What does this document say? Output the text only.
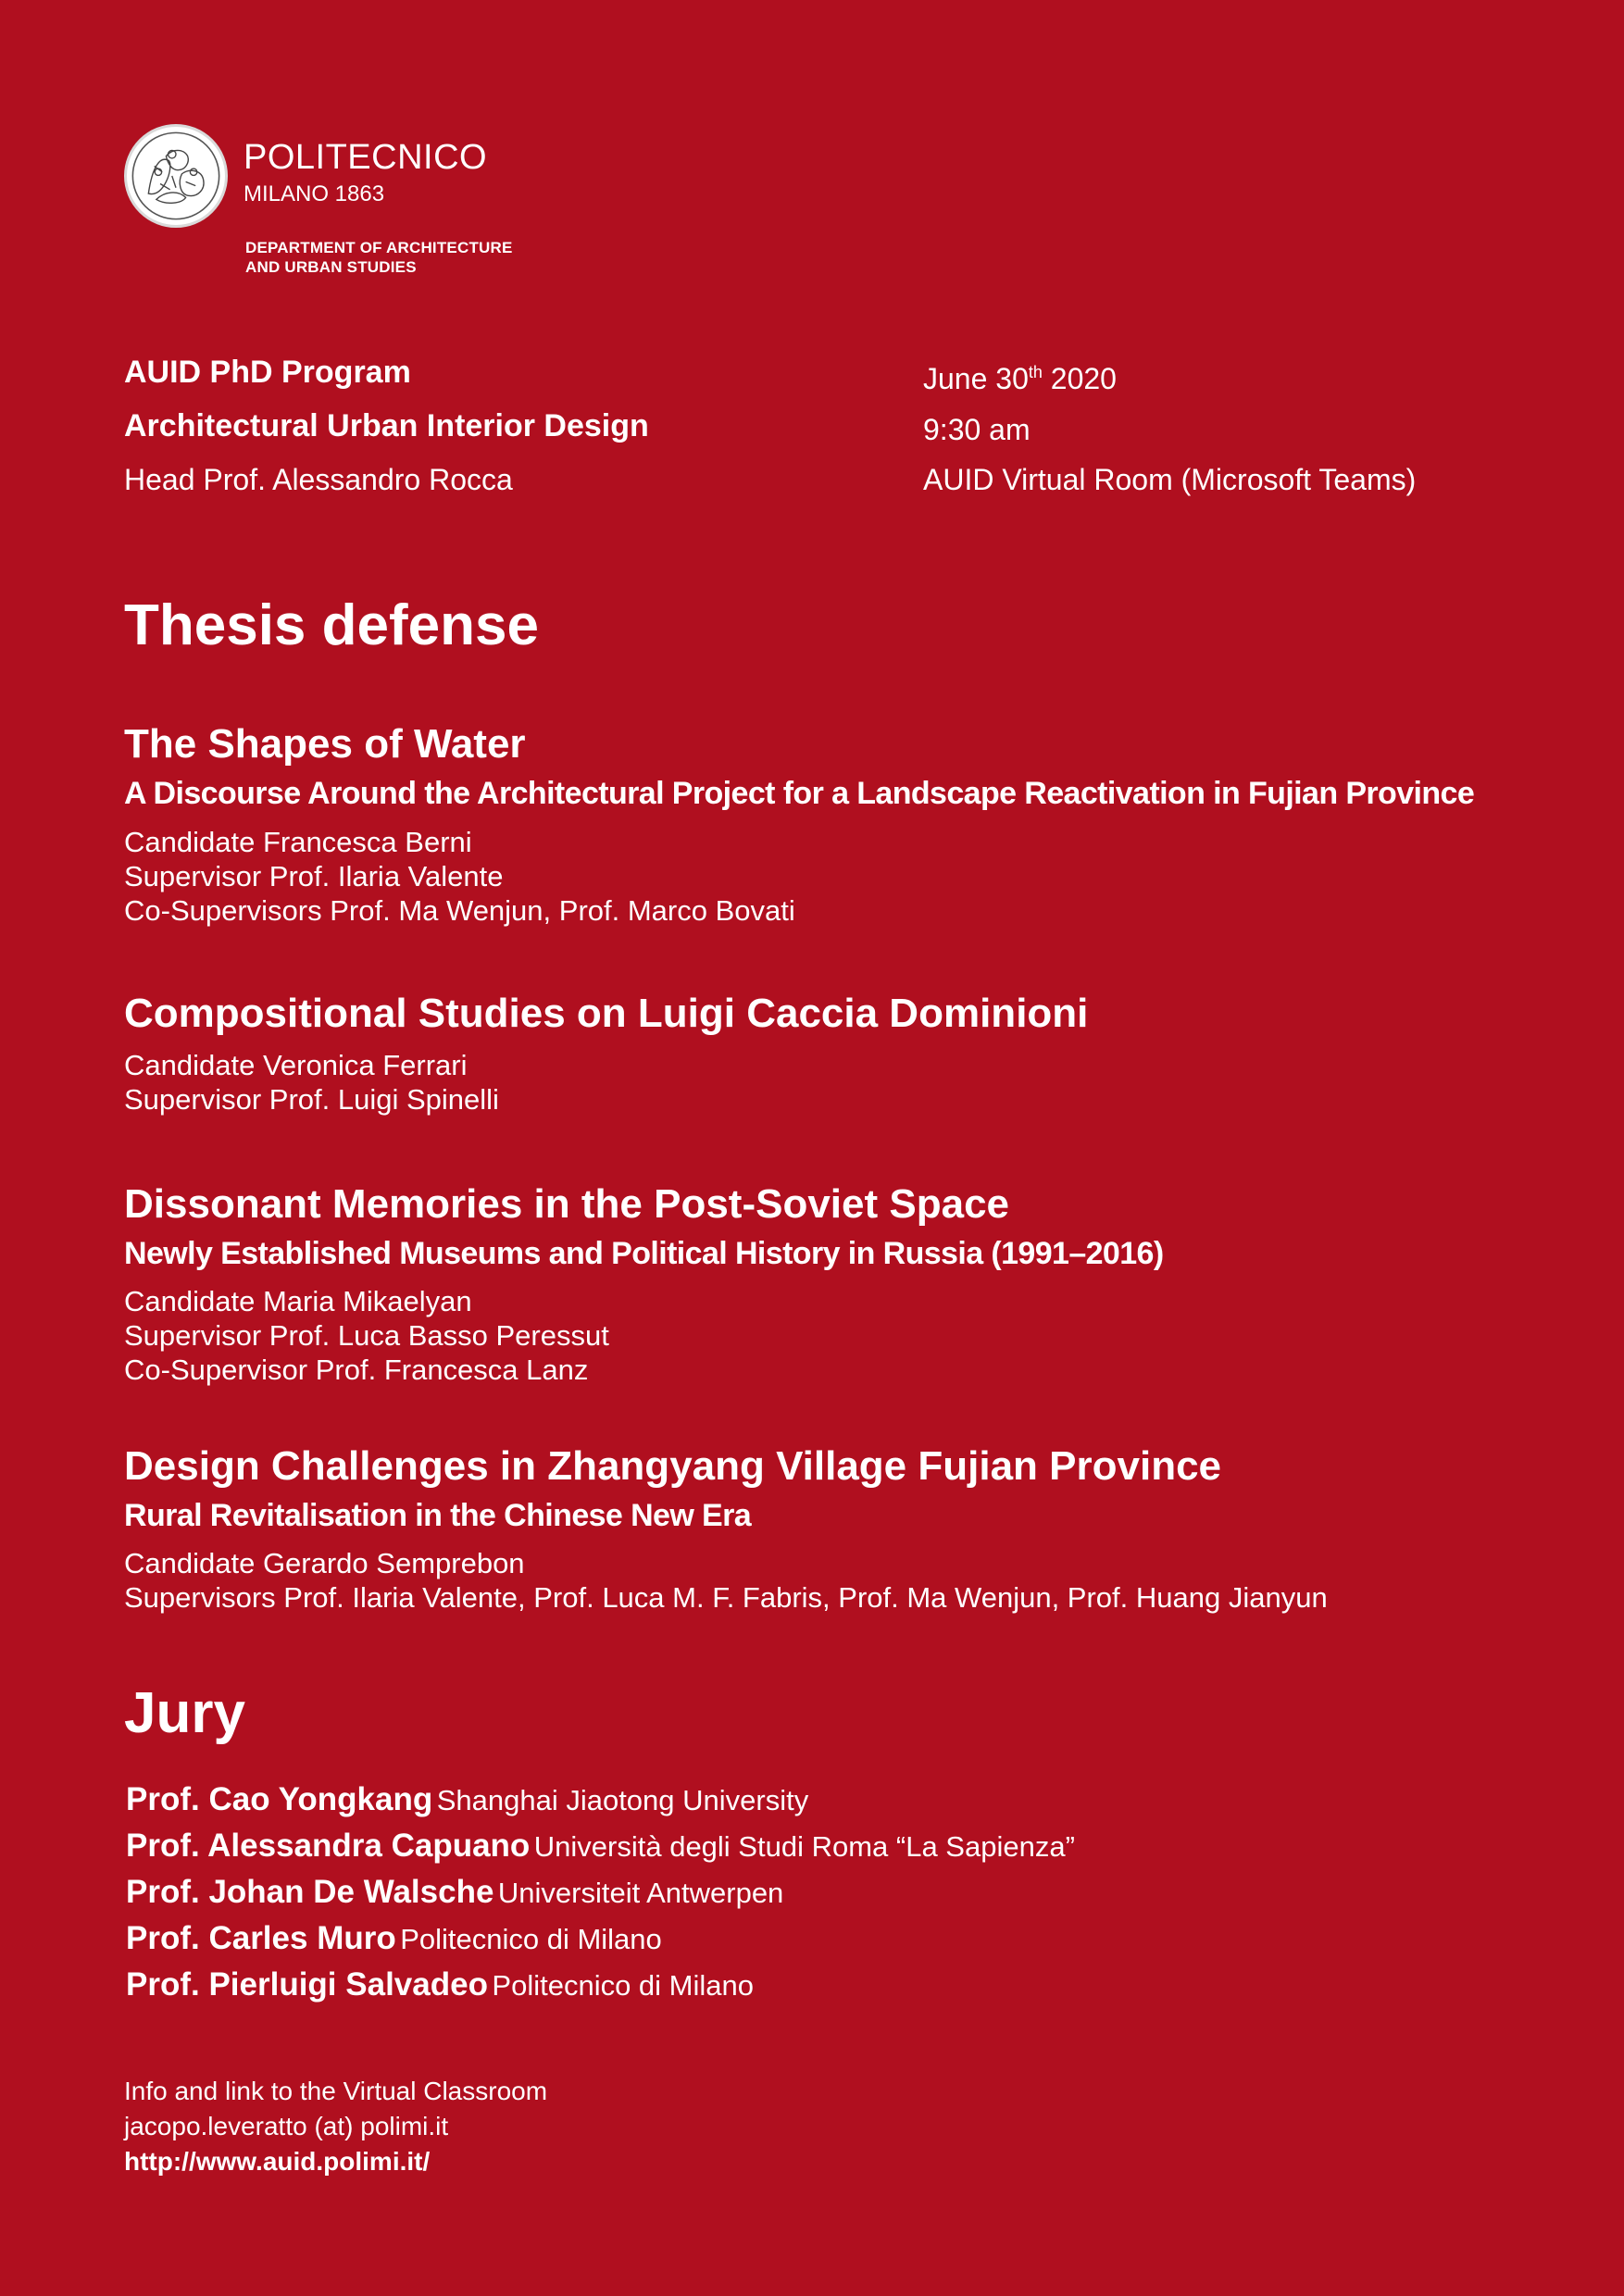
POLITECNICO
MILANO 1863
DEPARTMENT OF ARCHITECTURE
AND URBAN STUDIES
AUID PhD Program
Architectural Urban Interior Design
Head Prof. Alessandro Rocca
June 30th 2020
9:30 am
AUID Virtual Room (Microsoft Teams)
Thesis defense
The Shapes of Water
A Discourse Around the Architectural Project for a Landscape Reactivation in Fujian Province
Candidate Francesca Berni
Supervisor Prof. Ilaria Valente
Co-Supervisors Prof. Ma Wenjun, Prof. Marco Bovati
Compositional Studies on Luigi Caccia Dominioni
Candidate Veronica Ferrari
Supervisor Prof. Luigi Spinelli
Dissonant Memories in the Post-Soviet Space
Newly Established Museums and Political History in Russia (1991–2016)
Candidate Maria Mikaelyan
Supervisor Prof. Luca Basso Peressut
Co-Supervisor Prof. Francesca Lanz
Design Challenges in Zhangyang Village Fujian Province
Rural Revitalisation in the Chinese New Era
Candidate Gerardo Semprebon
Supervisors Prof. Ilaria Valente, Prof. Luca M. F. Fabris, Prof. Ma Wenjun, Prof. Huang Jianyun
Jury
Prof. Cao Yongkang Shanghai Jiaotong University
Prof. Alessandra Capuano Università degli Studi Roma “La Sapienza”
Prof. Johan De Walsche Universiteit Antwerpen
Prof. Carles Muro Politecnico di Milano
Prof. Pierluigi Salvadeo Politecnico di Milano
Info and link to the Virtual Classroom
jacopo.leveratto (at) polimi.it
http://www.auid.polimi.it/
